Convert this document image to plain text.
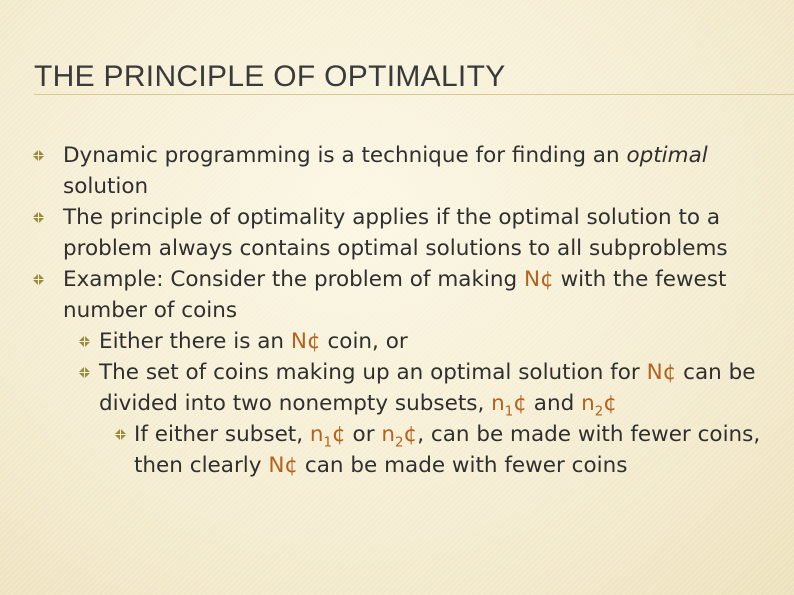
THE PRINCIPLE OF OPTIMALITY
Dynamic programming is a technique for finding an optimal solution
The principle of optimality applies if the optimal solution to a problem always contains optimal solutions to all subproblems
Example: Consider the problem of making N¢ with the fewest number of coins
Either there is an N¢ coin, or
The set of coins making up an optimal solution for N¢ can be divided into two nonempty subsets, $n_1¢$ and $n_2¢$
If either subset, $n_1¢$ or $n_2¢$, can be made with fewer coins, then clearly N¢ can be made with fewer coins
